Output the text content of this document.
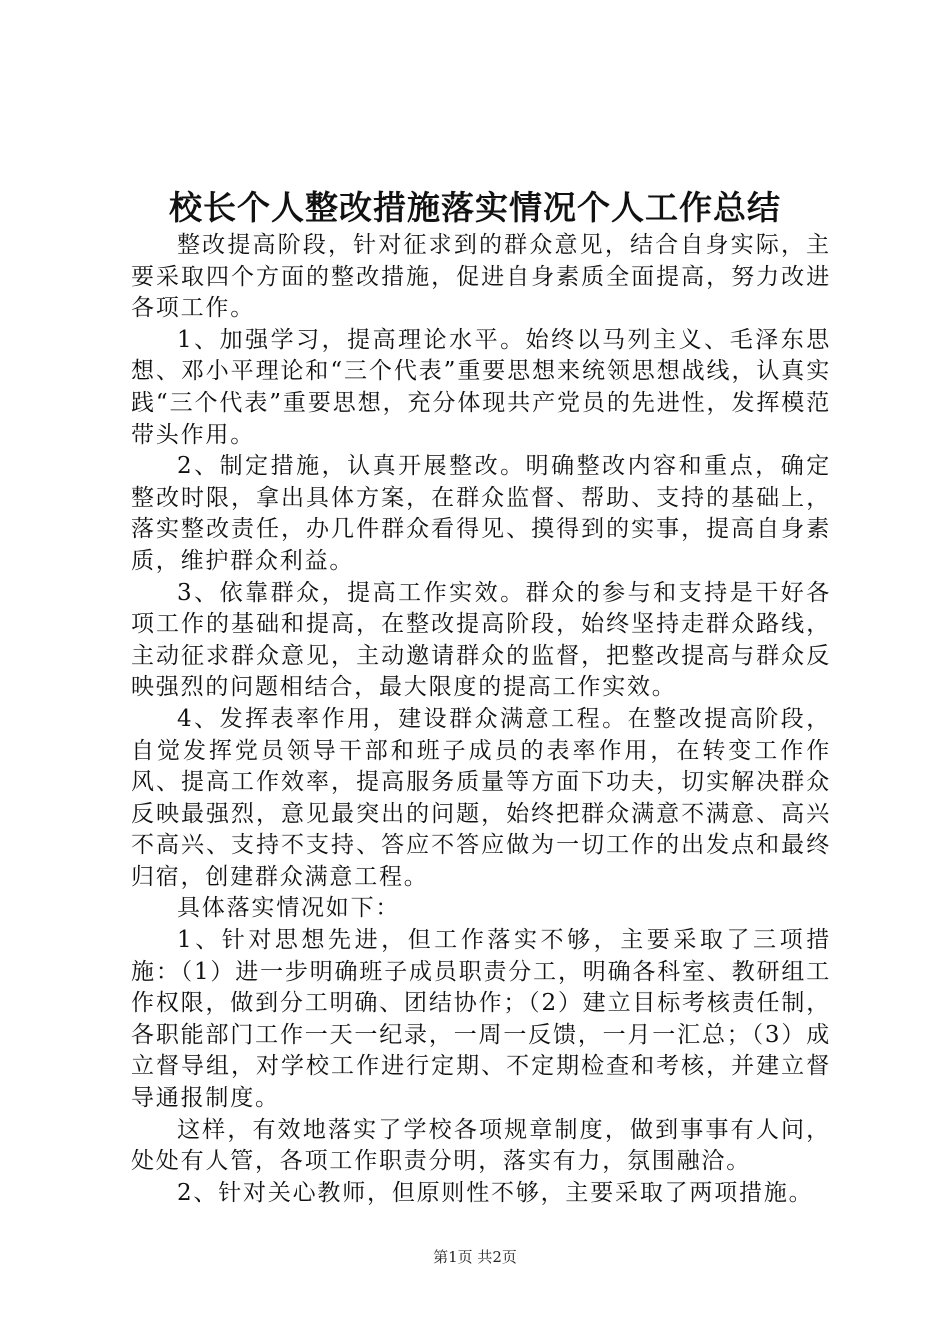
校长个人整改措施落实情况个人工作总结

整改提高阶段，针对征求到的群众意见，结合自身实际，主要采取四个方面的整改措施，促进自身素质全面提高，努力改进各项工作。

1、加强学习，提高理论水平。始终以马列主义、毛泽东思想、邓小平理论和“三个代表”重要思想来统领思想战线，认真实践“三个代表”重要思想，充分体现共产党员的先进性，发挥模范带头作用。

2、制定措施，认真开展整改。明确整改内容和重点，确定整改时限，拿出具体方案，在群众监督、帮助、支持的基础上，落实整改责任，办几件群众看得见、摸得到的实事，提高自身素质，维护群众利益。

3、依靠群众，提高工作实效。群众的参与和支持是干好各项工作的基础和提高，在整改提高阶段，始终坚持走群众路线，主动征求群众意见，主动邀请群众的监督，把整改提高与群众反映强烈的问题相结合，最大限度的提高工作实效。

4、发挥表率作用，建设群众满意工程。在整改提高阶段，自觉发挥党员领导干部和班子成员的表率作用，在转变工作作风、提高工作效率，提高服务质量等方面下功夫，切实解决群众反映最强烈，意见最突出的问题，始终把群众满意不满意、高兴不高兴、支持不支持、答应不答应做为一切工作的出发点和最终归宿，创建群众满意工程。

具体落实情况如下：

1、针对思想先进，但工作落实不够，主要采取了三项措施：（1）进一步明确班子成员职责分工，明确各科室、教研组工作权限，做到分工明确、团结协作；（2）建立目标考核责任制，各职能部门工作一天一纪录，一周一反馈，一月一汇总；（3）成立督导组，对学校工作进行定期、不定期检查和考核，并建立督导通报制度。

这样，有效地落实了学校各项规章制度，做到事事有人问，处处有人管，各项工作职责分明，落实有力，氛围融洽。

2、针对关心教师，但原则性不够，主要采取了两项措施。

第1页 共2页
